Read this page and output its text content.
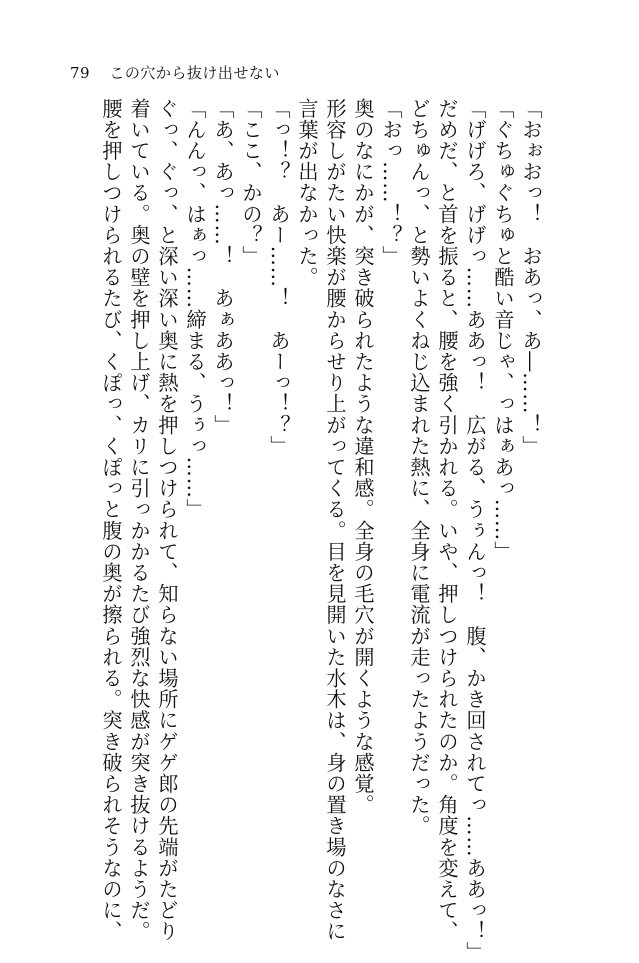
79 この穴から抜け出せない
「おぉおっ！　おあっ、あ―……！」
「ぐちゅぐちゅと酷い音じゃ、っはぁあっ……」
「げげろ、げげっ……ああっ！　広がる、うぅんっ！　腹、かき回されてっ……ああっ！」
だめだ、と首を振ると、腰を強く引かれる。いや、押しつけられたのか。角度を変えて、
どちゅんっ、と勢いよくねじ込まれた熱に、全身に電流が走ったようだった。
「おっ……！？」
奥のなにかが、突き破られたような違和感。全身の毛穴が開くような感覚。
形容しがたい快楽が腰からせり上がってくる。目を見開いた水木は、身の置き場のなさに
言葉が出なかった。
「っ！？　あー……！　あーっ！？」
「ここ、かの？」
「あ、あっ……！　あぁああっ！」
「んんっ、はぁっ……締まる、うぅっ……」
ぐっ、ぐっ、と深い深い奥に熱を押しつけられて、知らない場所にゲゲ郎の先端がたどり
着いている。奥の壁を押し上げ、カリに引っかかるたび強烈な快感が突き抜けるようだ。
腰を押しつけられるたび、くぽっ、くぽっと腹の奥が擦られる。突き破られそうなのに、
